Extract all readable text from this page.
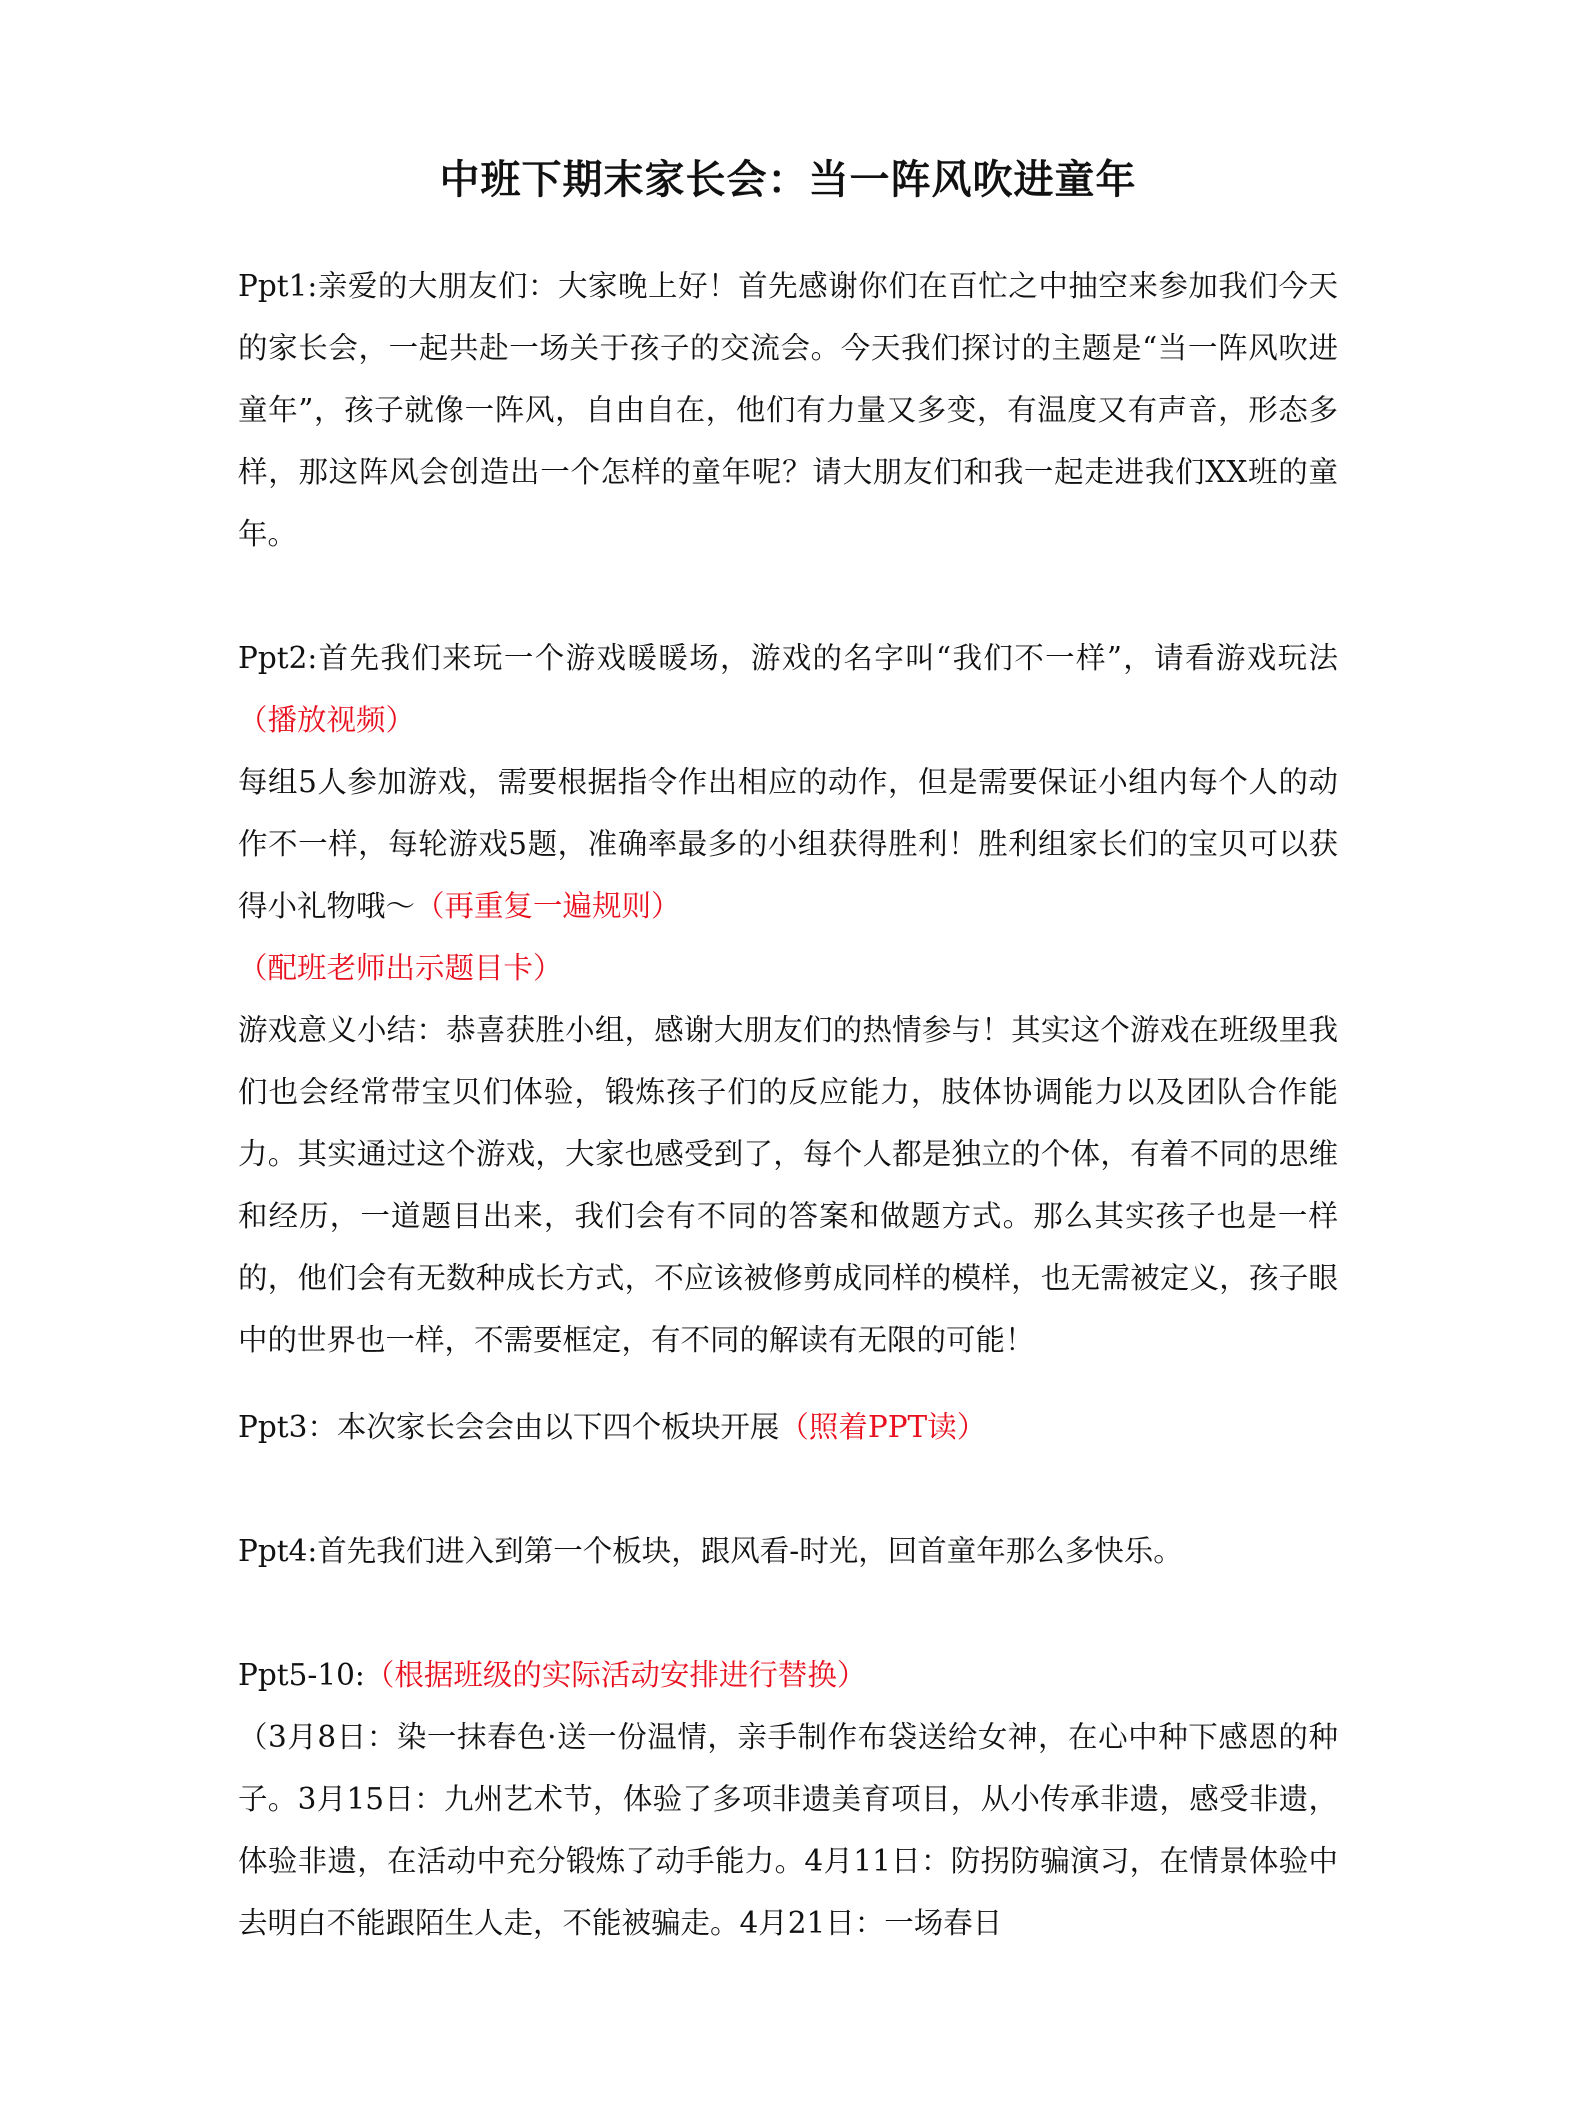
中班下期末家长会：当一阵风吹进童年

Ppt1:亲爱的大朋友们：大家晚上好！首先感谢你们在百忙之中抽空来参加我们今天的家长会，一起共赴一场关于孩子的交流会。今天我们探讨的主题是“当一阵风吹进童年”，孩子就像一阵风，自由自在，他们有力量又多变，有温度又有声音，形态多样，那这阵风会创造出一个怎样的童年呢？请大朋友们和我一起走进我们XX班的童年。

Ppt2:首先我们来玩一个游戏暖暖场，游戏的名字叫“我们不一样”，请看游戏玩法（播放视频）

每组5人参加游戏，需要根据指令作出相应的动作，但是需要保证小组内每个人的动作不一样，每轮游戏5题，准确率最多的小组获得胜利！胜利组家长们的宝贝可以获得小礼物哦～（再重复一遍规则）

（配班老师出示题目卡）

游戏意义小结：恭喜获胜小组，感谢大朋友们的热情参与！其实这个游戏在班级里我们也会经常带宝贝们体验，锻炼孩子们的反应能力，肢体协调能力以及团队合作能力。其实通过这个游戏，大家也感受到了，每个人都是独立的个体，有着不同的思维和经历，一道题目出来，我们会有不同的答案和做题方式。那么其实孩子也是一样的，他们会有无数种成长方式，不应该被修剪成同样的模样，也无需被定义，孩子眼中的世界也一样，不需要框定，有不同的解读有无限的可能！

Ppt3：本次家长会会由以下四个板块开展（照着PPT读）

Ppt4:首先我们进入到第一个板块，跟风看-时光，回首童年那么多快乐。

Ppt5-10:（根据班级的实际活动安排进行替换）

（3月8日：染一抹春色·送一份温情，亲手制作布袋送给女神，在心中种下感恩的种子。3月15日：九州艺术节，体验了多项非遗美育项目，从小传承非遗，感受非遗，体验非遗，在活动中充分锻炼了动手能力。4月11日：防拐防骗演习，在情景体验中去明白不能跟陌生人走，不能被骗走。4月21日：一场春日
